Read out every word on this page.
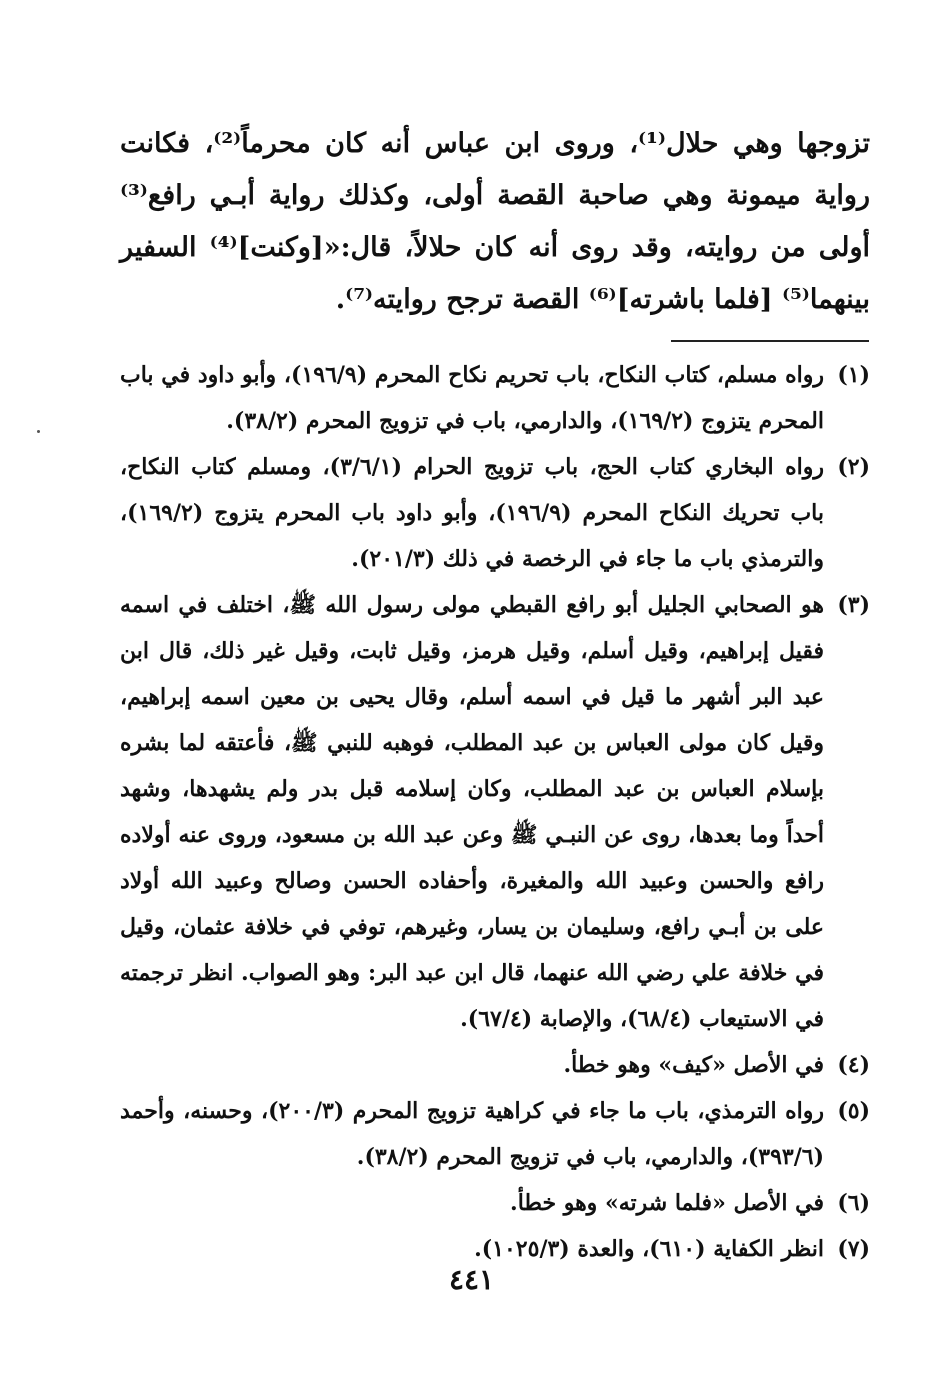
تزوجها وهي حلال⁽¹⁾، وروى ابن عباس أنه كان محرماً⁽²⁾، فكانت رواية ميمونة وهي صاحبة القصة أولى، وكذلك رواية أبـي رافع⁽³⁾ أولى من روايته، وقد روى أنه كان حلالاً، قال:«[وكنت]⁽⁴⁾ السفير بينهما⁽⁵⁾ [فلما باشرته]⁽⁶⁾ القصة ترجح روايته⁽⁷⁾.

(١)
رواه مسلم، كتاب النكاح، باب تحريم نكاح المحرم (١٩٦/٩)، وأبو داود في باب المحرم يتزوج (١٦٩/٢)، والدارمي، باب في تزويج المحرم (٣٨/٢).
(٢)
رواه البخاري كتاب الحج، باب تزويج الحرام (٣/٦/١)، ومسلم كتاب النكاح، باب تحريك النكاح المحرم (١٩٦/٩)، وأبو داود باب المحرم يتزوج (١٦٩/٢)، والترمذي باب ما جاء في الرخصة في ذلك (٢٠١/٣).
(٣)
هو الصحابي الجليل أبو رافع القبطي مولى رسول الله ﷺ، اختلف في اسمه فقيل إبراهيم، وقيل أسلم، وقيل هرمز، وقيل ثابت، وقيل غير ذلك، قال ابن عبد البر أشهر ما قيل في اسمه أسلم، وقال يحيى بن معين اسمه إبراهيم، وقيل كان مولى العباس بن عبد المطلب، فوهبه للنبي ﷺ، فأعتقه لما بشره بإسلام العباس بن عبد المطلب، وكان إسلامه قبل بدر ولم يشهدها، وشهد أحداً وما بعدها، روى عن النبـي ﷺ وعن عبد الله بن مسعود، وروى عنه أولاده رافع والحسن وعبيد الله والمغيرة، وأحفاده الحسن وصالح وعبيد الله أولاد على بن أبـي رافع، وسليمان بن يسار، وغيرهم، توفي في خلافة عثمان، وقيل في خلافة علي رضي الله عنهما، قال ابن عبد البر: وهو الصواب. انظر ترجمته في الاستيعاب (٦٨/٤)، والإصابة (٦٧/٤).
(٤)
في الأصل «كيف» وهو خطأ.
(٥)
رواه الترمذي، باب ما جاء في كراهية تزويج المحرم (٢٠٠/٣)، وحسنه، وأحمد (٣٩٣/٦)، والدارمي، باب في تزويج المحرم (٣٨/٢).
(٦)
في الأصل «فلما شرته» وهو خطأ.
(٧)
انظر الكفاية (٦١٠)، والعدة (١٠٢٥/٣).
٤٤١
